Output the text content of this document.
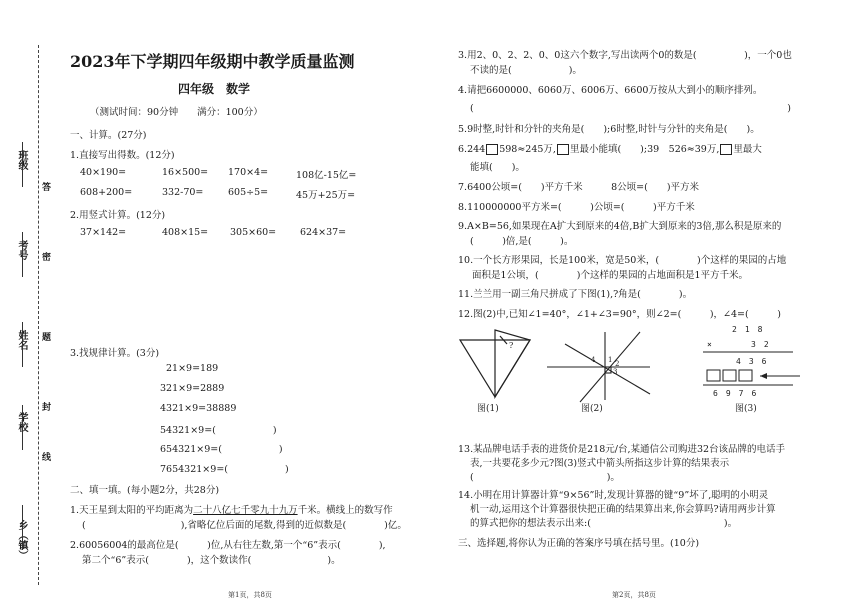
班级
考号
姓名
学校
乡（镇）
答
密
题
封
线
2023年下学期四年级期中教学质量监测
四年级　数学
（测试时间：90分钟　　满分：100分）
一、计算。(27分)
1.直接写出得数。(12分)
40×190=	16×500= 170×4=	108亿-15亿=
608+200=	332-70=	605÷5=	45万+25万=
2.用竖式计算。(12分)
37×142=	408×15= 305×60=	624×37=
3.找规律计算。(3分)
21×9=189
321×9=2889
4321×9=38889
54321×9=(　　　　　　)
654321×9=(　　　　　　)
7654321×9=(　　　　　　)
二、填一填。(每小题2分，共28分)
1.天王星到太阳的平均距离为二十八亿七千零九十九万千米。横线上的数写作
(　　　　　　　　　　),省略亿位后面的尾数,得到的近似数是(　　　　)亿。
2.60056004的最高位是(　　　)位,从右往左数,第一个“6”表示(　　　　),
第二个“6”表示(　　　　)，这个数读作(　　　　　　　　)。
第1页，共8页
3.用2、0、2、2、0、0这六个数字,写出读两个0的数是(　　　　　)，一个0也
不读的是(　　　　　　)。
4.请把6600000、6060万、6006万、6600万按从大到小的顺序排列。
(　　　　　　　　　　　　　　　　　　　　　　　　　　　　　　　　　)
5.9时整,时针和分针的夹角是(　　);6时整,时针与分针的夹角是(　　)。
6.244 598≈245万, 里最小能填(　　);39　526≈39万, 里最大
能填(　　)。
7.6400公顷=(　　)平方千米　　　8公顷=(　　)平方米
8.110000000平方米=(　　　)公顷=(　　　)平方千米
9.A×B=56,如果现在A扩大到原来的4倍,B扩大到原来的3倍,那么积是原来的
(　　　)倍,是(　　　)。
10.一个长方形果园，长是100米，宽是50米，(　　　　)个这样的果园的占地
面积是1公顷，(　　　　)个这样的果园的占地面积是1平方千米。
11.兰兰用一副三角尺拼成了下图(1),?角是(　　　　)。
12.图(2)中,已知∠1=40°，∠1+∠3=90°，则∠2=(　　　)，∠4=(　　　)
?
4 1 2
3
2　1　8
×	3　2
4　3　6
6　9　7　6
图(1)	图(2)	图(3)
13.某品牌电话手表的进货价是218元/台,某通信公司购进32台该品牌的电话手
表,一共要花多少元?图(3)竖式中箭头所指这步计算的结果表示
(　　　　　　　　　　　　　　)。
14.小明在用计算器计算“9×56”时,发现计算器的键“9”坏了,聪明的小明灵
机一动,运用这个计算器很快把正确的结果算出来,你会算吗?请用两步计算
的算式把你的想法表示出来:(　　　　　　　　　　　　　　)。
三、选择题,将你认为正确的答案序号填在括号里。(10分)
第2页，共8页
